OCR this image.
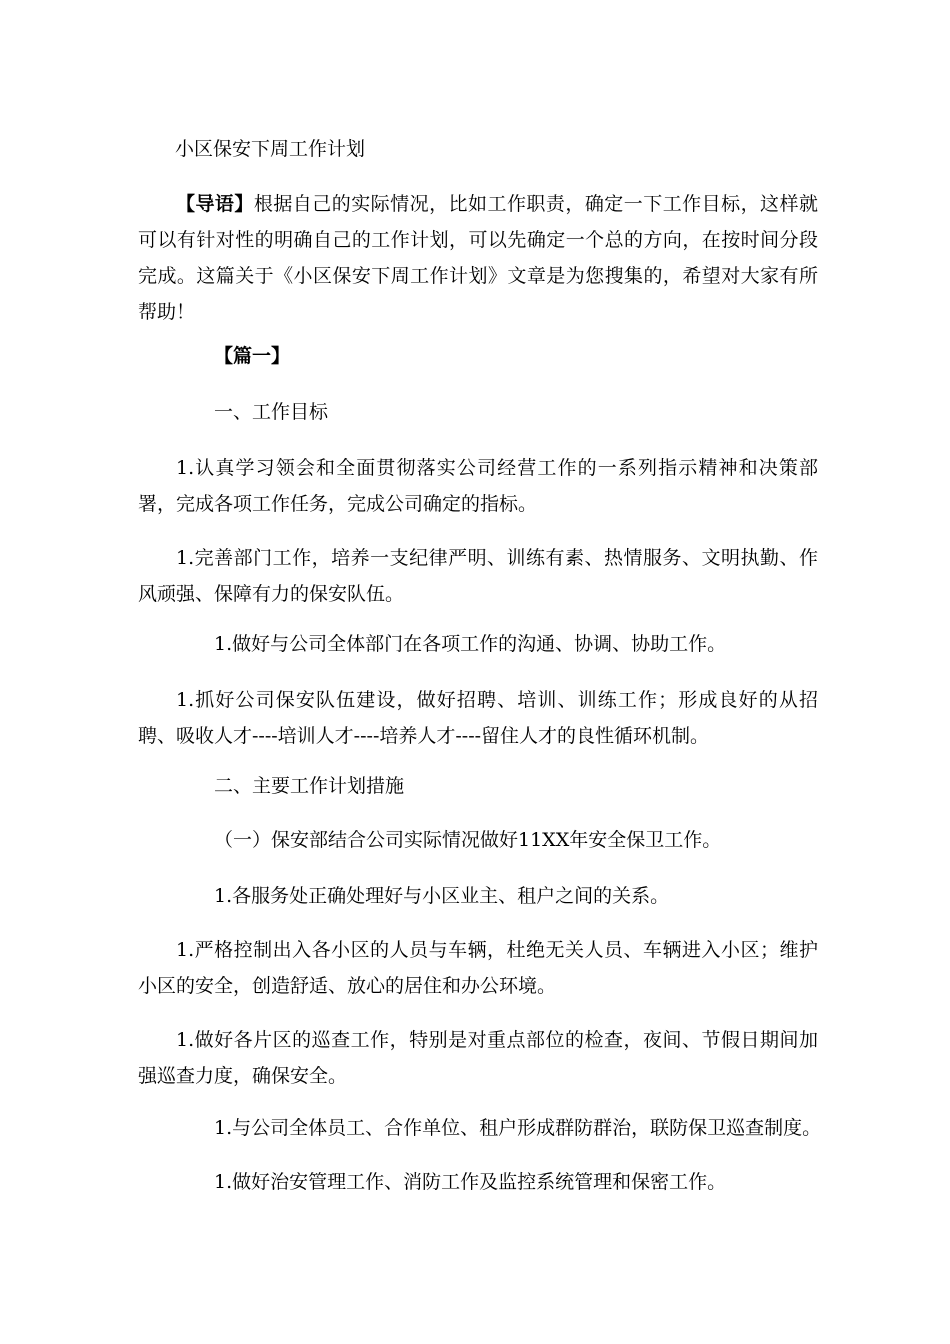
小区保安下周工作计划
【导语】根据自己的实际情况，比如工作职责，确定一下工作目标，这样就可以有针对性的明确自己的工作计划，可以先确定一个总的方向，在按时间分段完成。这篇关于《小区保安下周工作计划》文章是为您搜集的，希望对大家有所帮助！
【篇一】
一、工作目标
1.认真学习领会和全面贯彻落实公司经营工作的一系列指示精神和决策部署，完成各项工作任务，完成公司确定的指标。
1.完善部门工作，培养一支纪律严明、训练有素、热情服务、文明执勤、作风顽强、保障有力的保安队伍。
1.做好与公司全体部门在各项工作的沟通、协调、协助工作。
1.抓好公司保安队伍建设，做好招聘、培训、训练工作；形成良好的从招聘、吸收人才----培训人才----培养人才----留住人才的良性循环机制。
二、主要工作计划措施
（一）保安部结合公司实际情况做好11XX年安全保卫工作。
1.各服务处正确处理好与小区业主、租户之间的关系。
1.严格控制出入各小区的人员与车辆，杜绝无关人员、车辆进入小区；维护小区的安全，创造舒适、放心的居住和办公环境。
1.做好各片区的巡查工作，特别是对重点部位的检查，夜间、节假日期间加强巡查力度，确保安全。
1.与公司全体员工、合作单位、租户形成群防群治，联防保卫巡查制度。
1.做好治安管理工作、消防工作及监控系统管理和保密工作。
